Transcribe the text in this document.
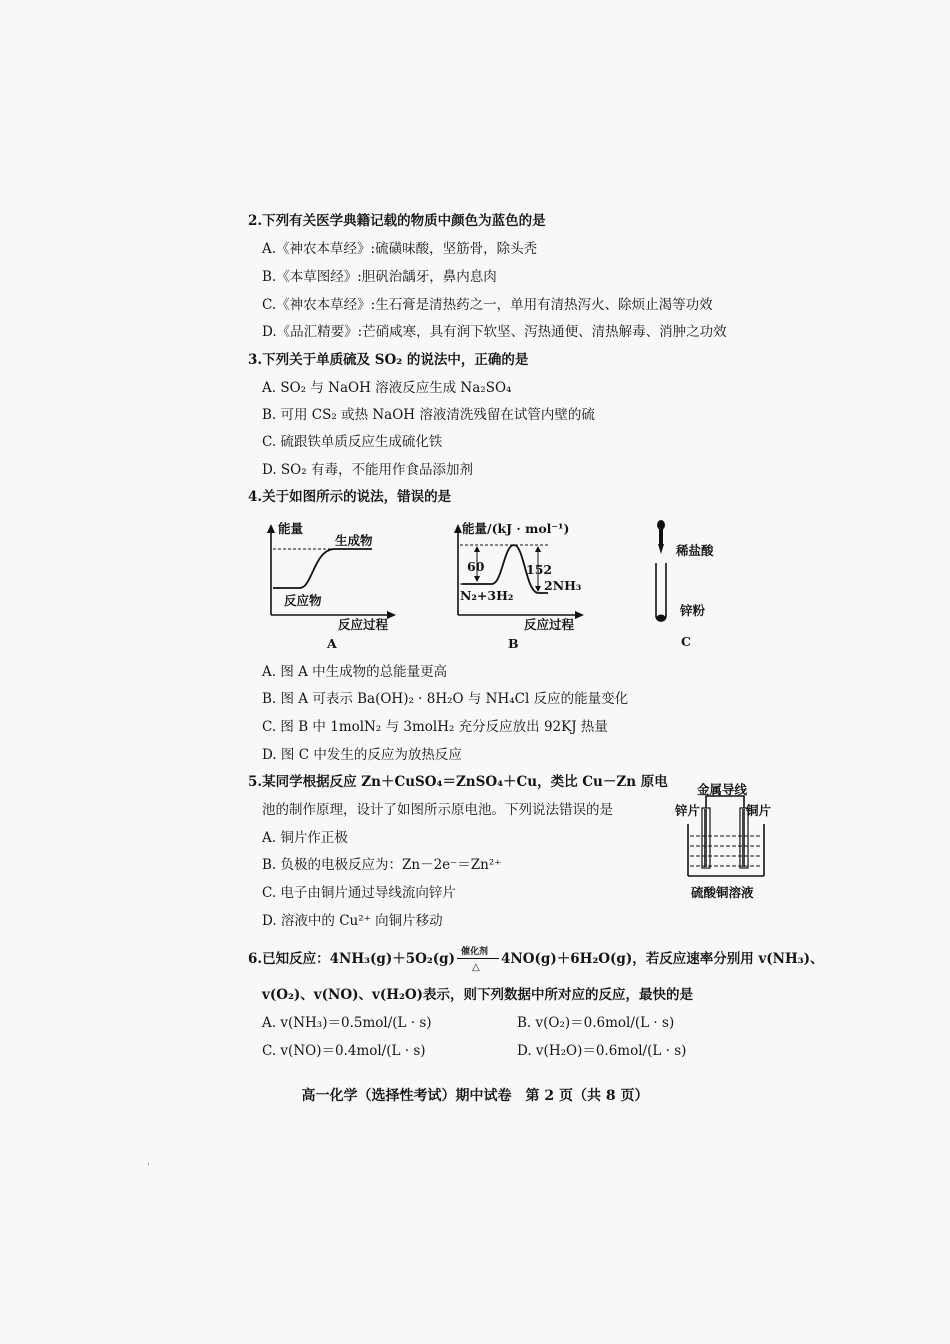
2.下列有关医学典籍记载的物质中颜色为蓝色的是
A.《神农本草经》:硫磺味酸，坚筋骨，除头秃
B.《本草图经》:胆矾治龋牙，鼻内息肉
C.《神农本草经》:生石膏是清热药之一，单用有清热泻火、除烦止渴等功效
D.《品汇精要》:芒硝咸寒，具有润下软坚、泻热通便、清热解毒、消肿之功效
3.下列关于单质硫及 SO₂ 的说法中，正确的是
A. SO₂ 与 NaOH 溶液反应生成 Na₂SO₄
B. 可用 CS₂ 或热 NaOH 溶液清洗残留在试管内壁的硫
C. 硫跟铁单质反应生成硫化铁
D. SO₂ 有毒，不能用作食品添加剂
4.关于如图所示的说法，错误的是
能量
生成物
反应物
反应过程
A
能量/(kJ · mol⁻¹)
60	152
2NH₃
N₂+3H₂
反应过程
B
稀盐酸
锌粉
C
A. 图 A 中生成物的总能量更高
B. 图 A 可表示 Ba(OH)₂ · 8H₂O 与 NH₄Cl 反应的能量变化
C. 图 B 中 1molN₂ 与 3molH₂ 充分反应放出 92KJ 热量
D. 图 C 中发生的反应为放热反应
5.某同学根据反应 Zn＋CuSO₄＝ZnSO₄＋Cu，类比 Cu－Zn 原电
池的制作原理，设计了如图所示原电池。下列说法错误的是
A. 铜片作正极
B. 负极的电极反应为：Zn－2e⁻＝Zn²⁺
C. 电子由铜片通过导线流向锌片
D. 溶液中的 Cu²⁺ 向铜片移动
金属导线
锌片	铜片
硫酸铜溶液
6.已知反应：4NH₃(g)＋5O₂(g) 催化剂
△
4NO(g)＋6H₂O(g)，若反应速率分别用 v(NH₃)、
v(O₂)、v(NO)、v(H₂O)表示，则下列数据中所对应的反应，最快的是
A. v(NH₃)＝0.5mol/(L · s)	B. v(O₂)＝0.6mol/(L · s)
C. v(NO)＝0.4mol/(L · s)	D. v(H₂O)＝0.6mol/(L · s)
高一化学（选择性考试）期中试卷　第 2 页（共 8 页）
'
